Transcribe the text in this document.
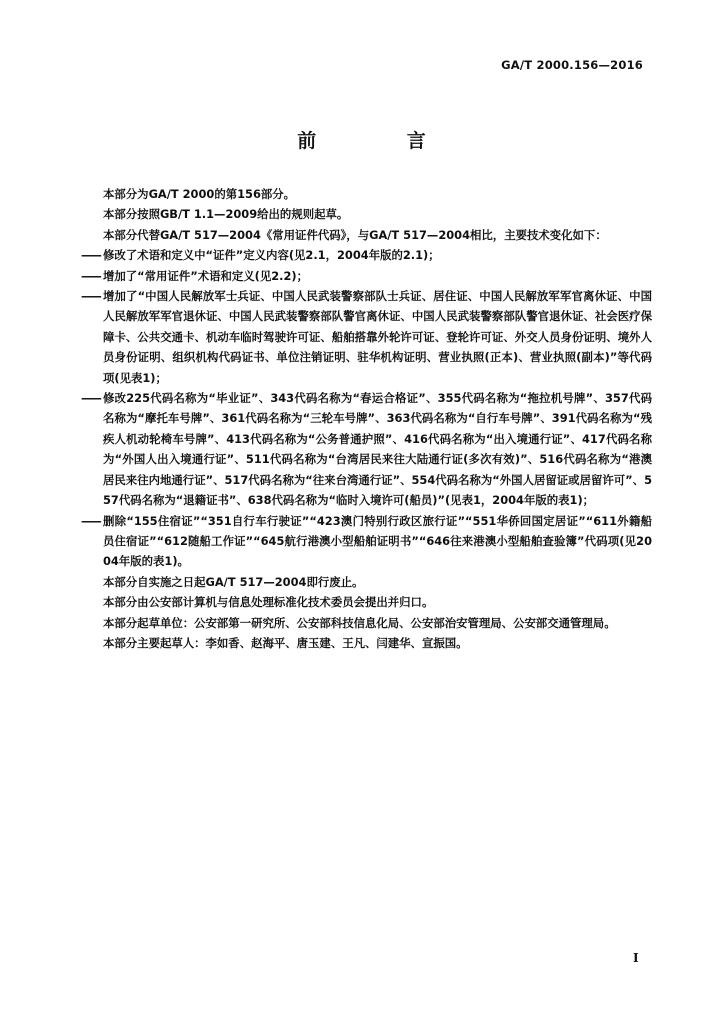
GA/T 2000.156—2016
前 言

本部分为GA/T 2000的第156部分。

本部分按照GB/T 1.1—2009给出的规则起草。

本部分代替GA/T 517—2004《常用证件代码》，与GA/T 517—2004相比，主要技术变化如下：

—— 修改了术语和定义中“证件”定义内容(见2.1，2004年版的2.1)；

—— 增加了“常用证件”术语和定义(见2.2)；

—— 增加了“中国人民解放军士兵证、中国人民武装警察部队士兵证、居住证、中国人民解放军军官离休证、中国人民解放军军官退休证、中国人民武装警察部队警官离休证、中国人民武装警察部队警官退休证、社会医疗保障卡、公共交通卡、机动车临时驾驶许可证、船舶搭靠外轮许可证、登轮许可证、外交人员身份证明、境外人员身份证明、组织机构代码证书、单位注销证明、驻华机构证明、营业执照(正本)、营业执照(副本)”等代码项(见表1)；

—— 修改225代码名称为“毕业证”、343代码名称为“春运合格证”、355代码名称为“拖拉机号牌”、357代码名称为“摩托车号牌”、361代码名称为“三轮车号牌”、363代码名称为“自行车号牌”、391代码名称为“残疾人机动轮椅车号牌”、413代码名称为“公务普通护照”、416代码名称为“出入境通行证”、417代码名称为“外国人出入境通行证”、511代码名称为“台湾居民来往大陆通行证(多次有效)”、516代码名称为“港澳居民来往内地通行证”、517代码名称为“往来台湾通行证”、554代码名称为“外国人居留证或居留许可”、557代码名称为“退籍证书”、638代码名称为“临时入境许可(船员)”(见表1，2004年版的表1)；

—— 删除“155住宿证”“351自行车行驶证”“423澳门特别行政区旅行证”“551华侨回国定居证”“611外籍船员住宿证”“612随船工作证”“645航行港澳小型船舶证明书”“646往来港澳小型船舶查验簿”代码项(见2004年版的表1)。

本部分自实施之日起GA/T 517—2004即行废止。

本部分由公安部计算机与信息处理标准化技术委员会提出并归口。

本部分起草单位：公安部第一研究所、公安部科技信息化局、公安部治安管理局、公安部交通管理局。

本部分主要起草人：李如香、赵海平、唐玉建、王凡、闫建华、宣振国。

I
